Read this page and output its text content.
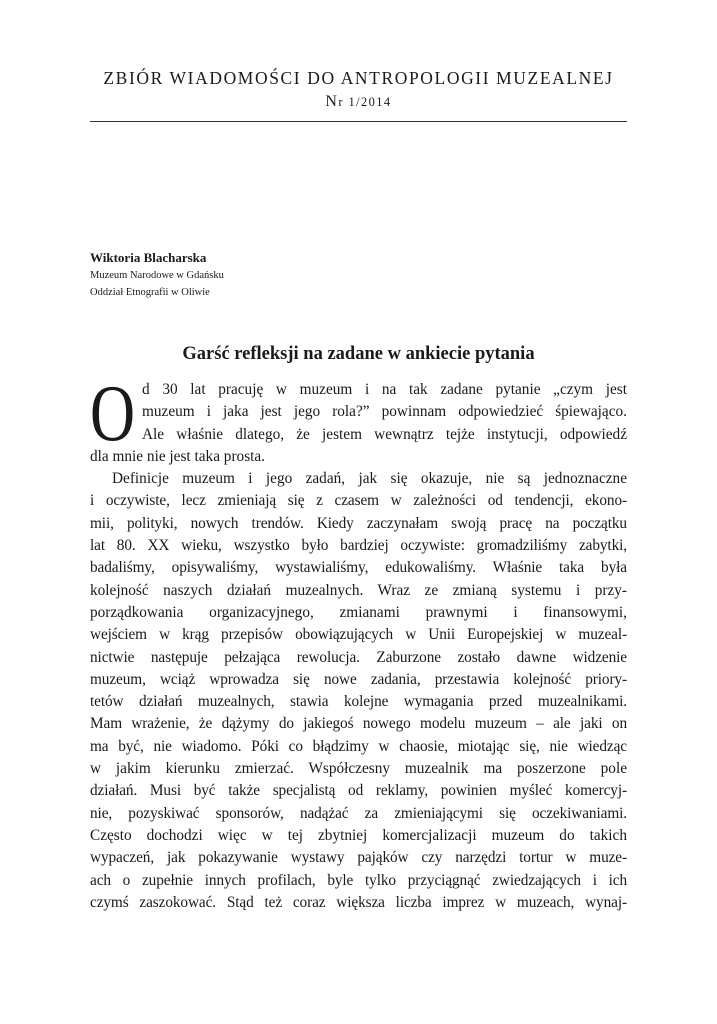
ZBIÓR WIADOMOŚCI DO ANTROPOLOGII MUZEALNEJ
Nr 1/2014
Wiktoria Blacharska
Muzeum Narodowe w Gdańsku
Oddział Etnografii w Oliwie
Garść refleksji na zadane w ankiecie pytania
O d 30 lat pracuję w muzeum i na tak zadane pytanie „czym jest
muzeum i jaka jest jego rola?” powinnam odpowiedzieć śpiewająco.
Ale właśnie dlatego, że jestem wewnątrz tejże instytucji, odpowiedź
dla mnie nie jest taka prosta.
Definicje muzeum i jego zadań, jak się okazuje, nie są jednoznaczne
i oczywiste, lecz zmieniają się z czasem w zależności od tendencji, ekono-
mii, polityki, nowych trendów. Kiedy zaczynałam swoją pracę na początku
lat 80. XX wieku, wszystko było bardziej oczywiste: gromadziliśmy zabytki,
badaliśmy, opisywaliśmy, wystawialiśmy, edukowaliśmy. Właśnie taka była
kolejność naszych działań muzealnych. Wraz ze zmianą systemu i przy-
porządkowania organizacyjnego, zmianami prawnymi i finansowymi,
wejściem w krąg przepisów obowiązujących w Unii Europejskiej w muzeal-
nictwie następuje pełzająca rewolucja. Zaburzone zostało dawne widzenie
muzeum, wciąż wprowadza się nowe zadania, przestawia kolejność priory-
tetów działań muzealnych, stawia kolejne wymagania przed muzealnikami.
Mam wrażenie, że dążymy do jakiegoś nowego modelu muzeum – ale jaki on
ma być, nie wiadomo. Póki co błądzimy w chaosie, miotając się, nie wiedząc
w jakim kierunku zmierzać. Współczesny muzealnik ma poszerzone pole
działań. Musi być także specjalistą od reklamy, powinien myśleć komercyj-
nie, pozyskiwać sponsorów, nadążać za zmieniającymi się oczekiwaniami.
Często dochodzi więc w tej zbytniej komercjalizacji muzeum do takich
wypaczeń, jak pokazywanie wystawy pająków czy narzędzi tortur w muze-
ach o zupełnie innych profilach, byle tylko przyciągnąć zwiedzających i ich
czymś zaszokować. Stąd też coraz większa liczba imprez w muzeach, wynaj-
